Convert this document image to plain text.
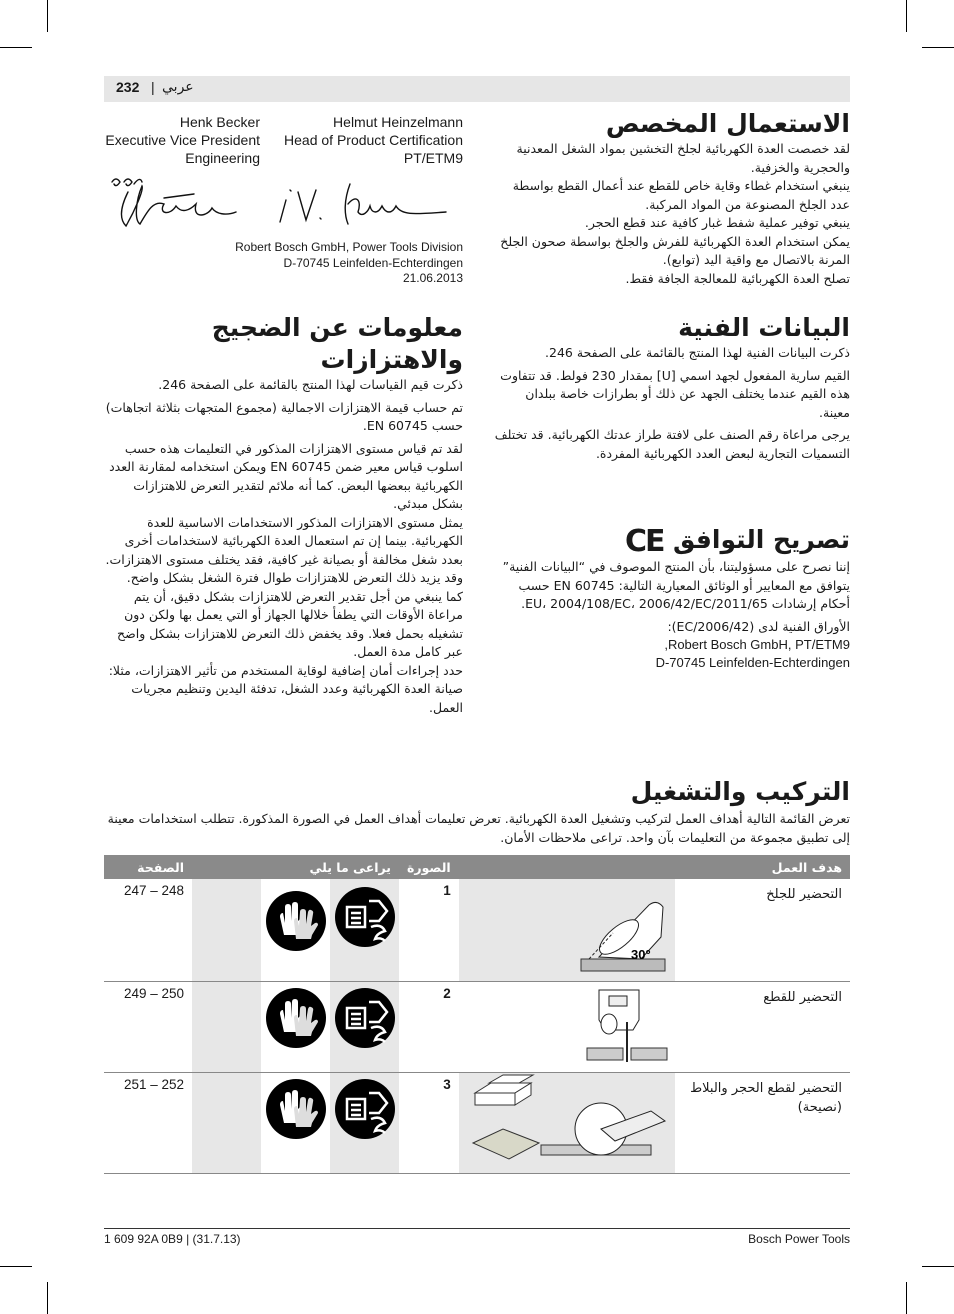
232 | عربي
Helmut Heinzelmann
Head of Product Certification
PT/ETM9
Henk Becker
Executive Vice President
Engineering
Robert Bosch GmbH, Power Tools Division
D-70745 Leinfelden-Echterdingen
21.06.2013
الاستعمال المخصص

لقد خصصت العدة الكهربائية لجلخ التخشين بمواد الشغل المعدنية والحجرية والخزفية.

ينبغي استخدام غطاء وقاية خاص للقطع عند أعمال القطع بواسطة عدد الجلخ المصنوعة من المواد المركبة.

ينبغي توفير عملية شفط غبار كافية عند قطع الحجر.

يمكن استخدام العدة الكهربائية للفرش والجلخ بواسطة صحون الجلخ المرنة بالاتصال مع واقية اليد (توابع).

تصلح العدة الكهربائية للمعالجة الجافة فقط.

البيانات الفنية

ذكرت البيانات الفنية لهذا المنتج بالقائمة على الصفحة 246.

القيم سارية المفعول لجهد اسمي [U] بمقدار 230 فولط. قد تتفاوت هذه القيم عندما يختلف الجهد عن ذلك أو بطرازات خاصة ببلدان معينة.

يرجى مراعاة رقم الصنف على لافتة طراز عدتك الكهربائية. قد تختلف التسميات التجارية لبعض العدد الكهربائية المفردة.

تصريح التوافق
CE

إننا نصرح على مسؤوليتنا، بأن المنتج الموصوف في “البيانات الفنية” يتوافق مع المعايير أو الوثائق المعيارية التالية: EN 60745 حسب أحكام إرشادات 2011/65/EU، 2004/108/EC، 2006/42/EC.

الأوراق الفنية لدى (2006/42/EC):

Robert Bosch GmbH, PT/ETM9,

D-70745 Leinfelden-Echterdingen

معلومات عن الضجيج والاهتزازات

ذكرت قيم القياسات لهذا المنتج بالقائمة على الصفحة 246.

تم حساب قيمة الاهتزازات الاجمالية (مجموع المتجهات بثلاثة اتجاهات) حسب EN 60745.

لقد تم قياس مستوى الاهتزازات المذكور في التعليمات هذه حسب اسلوب قياس معير ضمن EN 60745 ويمكن استخدامه لمقارنة العدد الكهربائية ببعضها البعض. كما أنه ملائم لتقدير التعرض للاهتزازات بشكل مبدئي.

يمثل مستوى الاهتزازات المذكور الاستخدامات الاساسية للعدة الكهربائية. بينما إن تم استعمال العدة الكهربائية لاستخدامات أخرى بعدد شغل مخالفة أو بصيانة غير كافية، فقد يختلف مستوى الاهتزازات. وقد يزيد ذلك التعرض للاهتزازات طوال فترة الشغل بشكل واضح.

كما ينبغي من أجل تقدير التعرض للاهتزازات بشكل دقيق، أن يتم مراعاة الأوقات التي يطفأ خلالها الجهاز أو التي يعمل بها ولكن دون تشغيله بحمل فعلا. وقد يخفض ذلك التعرض للاهتزازات بشكل واضح عبر كامل مدة العمل.

حدد إجراءات أمان إضافية لوقاية المستخدم من تأثير الاهتزازات، مثلا: صيانة العدة الكهربائية وعدد الشغل، تدفئة اليدين وتنظيم مجريات العمل.

التركيب والتشغيل

تعرض القائمة التالية أهداف العمل لتركيب وتشغيل العدة الكهربائية. تعرض تعليمات أهداف العمل في الصورة المذكورة. تتطلب استخدامات معينة إلى تطبيق مجموعة من التعليمات بآن واحد. تراعى ملاحظات الأمان.

الصفحة	يراعى ما يلي			الصورة		هدف العمل
247 – 248				1	30°	التحضير للجلخ
249 – 250				2		التحضير للقطع
251 – 252				3		التحضير لقطع الحجر والبلاط (نصيحة)
1 609 92A 0B9 | (31.7.13)	Bosch Power Tools
